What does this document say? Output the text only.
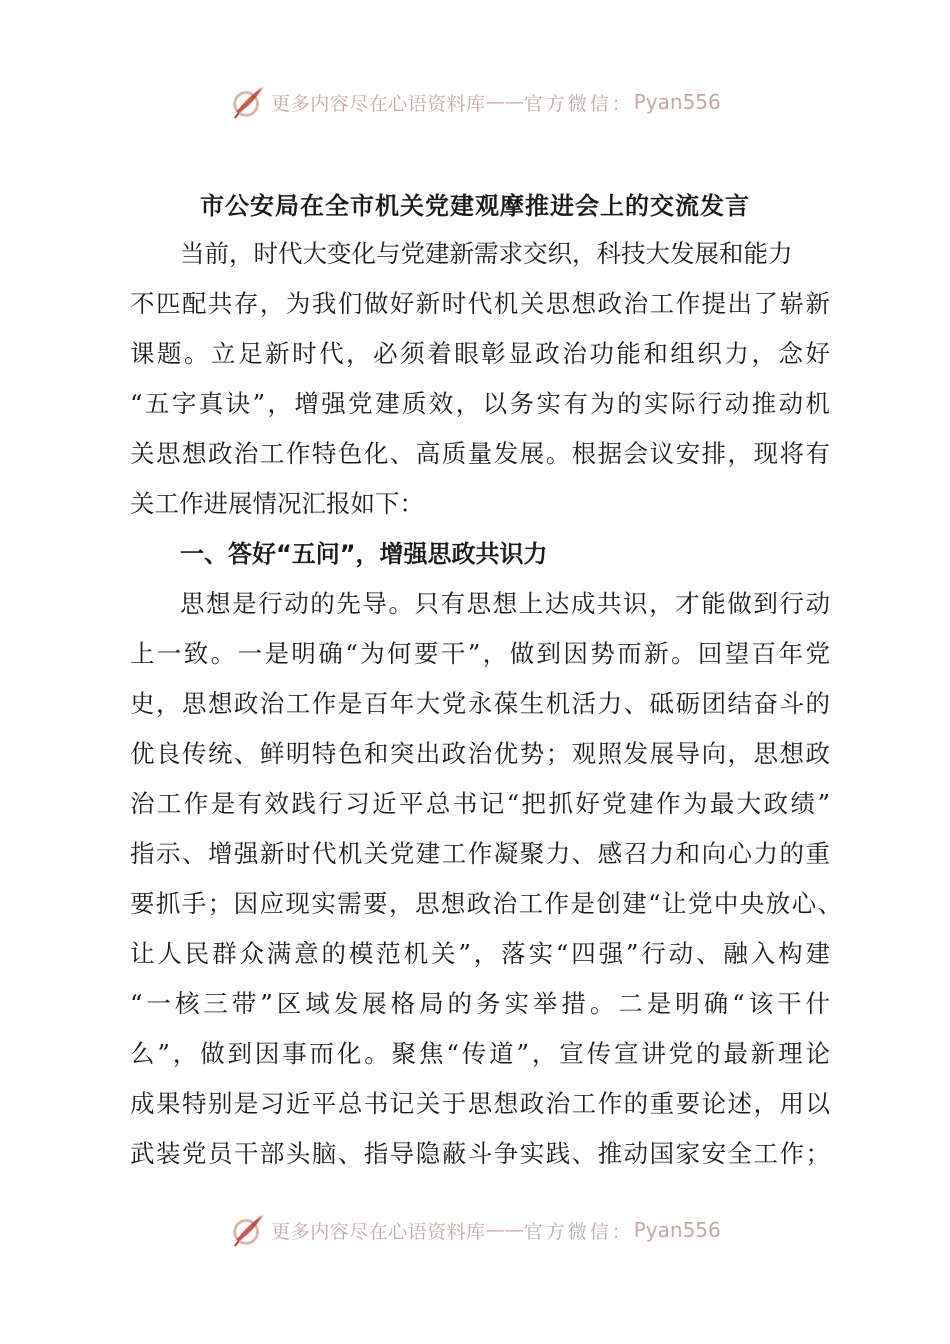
更多内容尽在心语资料库 —— 官方微信： Pyan556
市公安局在全市机关党建观摩推进会上的交流发言
当前，时代大变化与党建新需求交织，科技大发展和能力
不匹配共存，为我们做好新时代机关思想政治工作提出了崭新
课题。立足新时代，必须着眼彰显政治功能和组织力，念好
“五字真诀”，增强党建质效，以务实有为的实际行动推动机
关思想政治工作特色化、高质量发展。根据会议安排，现将有
关工作进展情况汇报如下：
一、答好“五问”，增强思政共识力
思想是行动的先导。只有思想上达成共识，才能做到行动
上一致。一是明确“为何要干”，做到因势而新。回望百年党
史，思想政治工作是百年大党永葆生机活力、砥砺团结奋斗的
优良传统、鲜明特色和突出政治优势；观照发展导向，思想政
治工作是有效践行习近平总书记“把抓好党建作为最大政绩”
指示、增强新时代机关党建工作凝聚力、感召力和向心力的重
要抓手；因应现实需要，思想政治工作是创建“让党中央放心、
让人民群众满意的模范机关”，落实“四强”行动、融入构建
“一核三带”区域发展格局的务实举措。二是明确“该干什
么”，做到因事而化。聚焦“传道”，宣传宣讲党的最新理论
成果特别是习近平总书记关于思想政治工作的重要论述，用以
武装党员干部头脑、指导隐蔽斗争实践、推动国家安全工作；
更多内容尽在心语资料库 —— 官方微信： Pyan556
